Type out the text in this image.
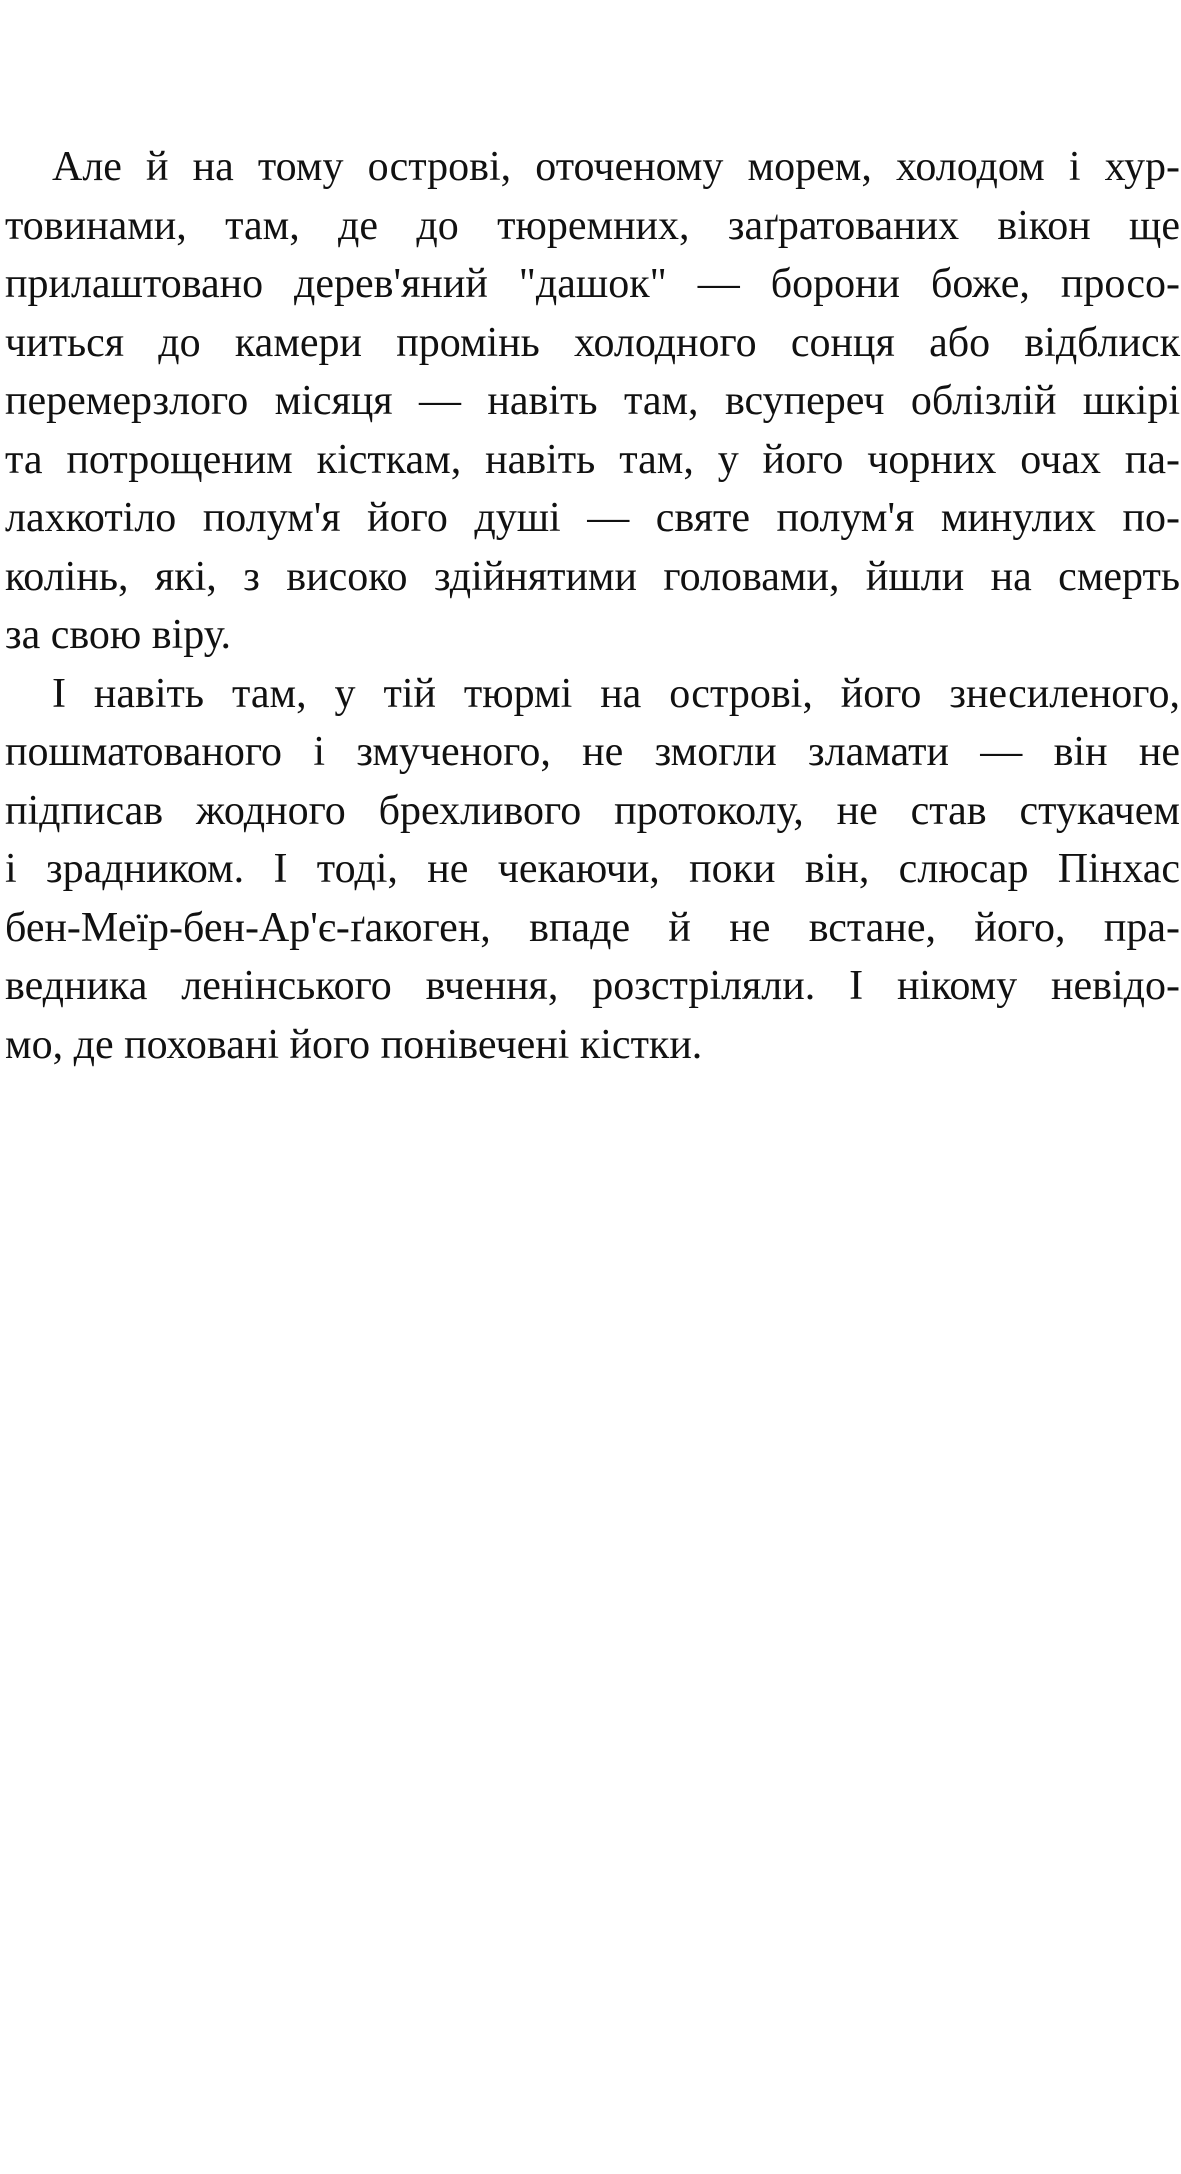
Але й на тому острові, оточеному морем, холодом і хур-
товинами, там, де до тюремних, заґратованих вікон ще
прилаштовано дерев'яний "дашок" — борони боже, просо-
читься до камери промінь холодного сонця або відблиск
перемерзлого місяця — навіть там, всупереч облізлій шкірі
та потрощеним кісткам, навіть там, у його чорних очах па-
лахкотіло полум'я його душі — святе полум'я минулих по-
колінь, які, з високо здійнятими головами, йшли на смерть
за свою віру.
І навіть там, у тій тюрмі на острові, його знесиленого,
пошматованого і змученого, не змогли зламати — він не
підписав жодного брехливого протоколу, не став стукачем
і зрадником. І тоді, не чекаючи, поки він, слюсар Пінхас
бен-Меїр-бен-Ар'є-ґакоген, впаде й не встане, його, пра-
ведника ленінського вчення, розстріляли. І нікому невідо-
мо, де поховані його понівечені кістки.
